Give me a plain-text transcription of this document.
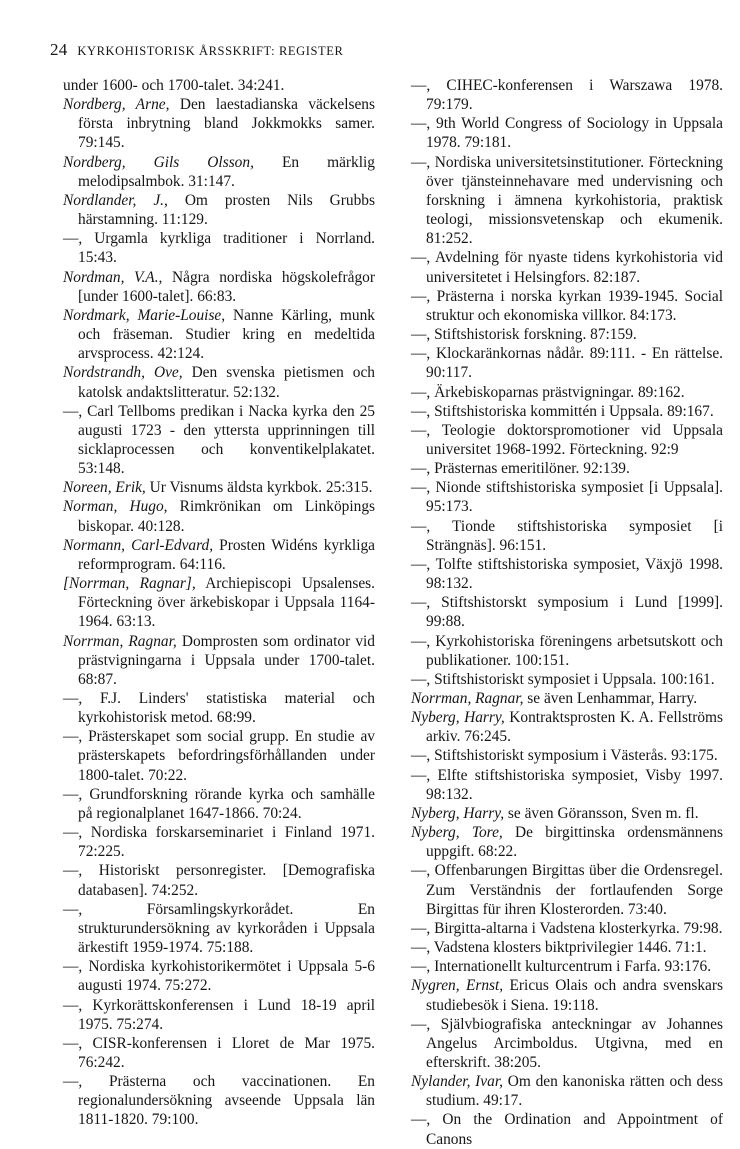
24 KYRKOHISTORISK ÅRSSKRIFT: REGISTER
under 1600- och 1700-talet. 34:241.
Nordberg, Arne, Den laestadianska väckelsens första inbrytning bland Jokkmokks samer. 79:145.
Nordberg, Gils Olsson, En märklig melodipsalmbok. 31:147.
Nordlander, J., Om prosten Nils Grubbs härstamning. 11:129.
—, Urgamla kyrkliga traditioner i Norrland. 15:43.
Nordman, V.A., Några nordiska högskolefrågor [under 1600-talet]. 66:83.
Nordmark, Marie-Louise, Nanne Kärling, munk och fräseman. Studier kring en medeltida arvsprocess. 42:124.
Nordstrandh, Ove, Den svenska pietismen och katolsk andaktslitteratur. 52:132.
—, Carl Tellboms predikan i Nacka kyrka den 25 augusti 1723 - den yttersta upprinningen till sicklaprocessen och konventikelplakatet. 53:148.
Noreen, Erik, Ur Visnums äldsta kyrkbok. 25:315.
Norman, Hugo, Rimkrönikan om Linköpings biskopar. 40:128.
Normann, Carl-Edvard, Prosten Widéns kyrkliga reformprogram. 64:116.
[Norrman, Ragnar], Archiepiscopi Upsalenses. Förteckning över ärkebiskopar i Uppsala 1164-1964. 63:13.
Norrman, Ragnar, Domprosten som ordinator vid prästvigningarna i Uppsala under 1700-talet. 68:87.
—, F.J. Linders' statistiska material och kyrkohistorisk metod. 68:99.
—, Prästerskapet som social grupp. En studie av prästerskapets befordringsförhållanden under 1800-talet. 70:22.
—, Grundforskning rörande kyrka och samhälle på regionalplanet 1647-1866. 70:24.
—, Nordiska forskarseminariet i Finland 1971. 72:225.
—, Historiskt personregister. [Demografiska databasen]. 74:252.
—, Församlingskyrkorådet. En strukturundersökning av kyrkoråden i Uppsala ärkestift 1959-1974. 75:188.
—, Nordiska kyrkohistorikermötet i Uppsala 5-6 augusti 1974. 75:272.
—, Kyrkorättskonferensen i Lund 18-19 april 1975. 75:274.
—, CISR-konferensen i Lloret de Mar 1975. 76:242.
—, Prästerna och vaccinationen. En regionalundersökning avseende Uppsala län 1811-1820. 79:100.
—, CIHEC-konferensen i Warszawa 1978. 79:179.
—, 9th World Congress of Sociology in Uppsala 1978. 79:181.
—, Nordiska universitetsinstitutioner. Förteckning över tjänsteinnehavare med undervisning och forskning i ämnena kyrkohistoria, praktisk teologi, missionsvetenskap och ekumenik. 81:252.
—, Avdelning för nyaste tidens kyrkohistoria vid universitetet i Helsingfors. 82:187.
—, Prästerna i norska kyrkan 1939-1945. Social struktur och ekonomiska villkor. 84:173.
—, Stiftshistorisk forskning. 87:159.
—, Klockaränkornas nådår. 89:111. - En rättelse. 90:117.
—, Ärkebiskoparnas prästvigningar. 89:162.
—, Stiftshistoriska kommittén i Uppsala. 89:167.
—, Teologie doktorspromotioner vid Uppsala universitet 1968-1992. Förteckning. 92:9
—, Prästernas emeritilöner. 92:139.
—, Nionde stiftshistoriska symposiet [i Uppsala]. 95:173.
—, Tionde stiftshistoriska symposiet [i Strängnäs]. 96:151.
—, Tolfte stiftshistoriska symposiet, Växjö 1998. 98:132.
—, Stiftshistorskt symposium i Lund [1999]. 99:88.
—, Kyrkohistoriska föreningens arbetsutskott och publikationer. 100:151.
—, Stiftshistoriskt symposiet i Uppsala. 100:161.
Norrman, Ragnar, se även Lenhammar, Harry.
Nyberg, Harry, Kontraktsprosten K. A. Fellströms arkiv. 76:245.
—, Stiftshistoriskt symposium i Västerås. 93:175.
—, Elfte stiftshistoriska symposiet, Visby 1997. 98:132.
Nyberg, Harry, se även Göransson, Sven m. fl.
Nyberg, Tore, De birgittinska ordensmännens uppgift. 68:22.
—, Offenbarungen Birgittas über die Ordensregel. Zum Verständnis der fortlaufenden Sorge Birgittas für ihren Klosterorden. 73:40.
—, Birgitta-altarna i Vadstena klosterkyrka. 79:98.
—, Vadstena klosters biktprivilegier 1446. 71:1.
—, Internationellt kulturcentrum i Farfa. 93:176.
Nygren, Ernst, Ericus Olais och andra svenskars studiebesök i Siena. 19:118.
—, Självbiografiska anteckningar av Johannes Angelus Arcimboldus. Utgivna, med en efterskrift. 38:205.
Nylander, Ivar, Om den kanoniska rätten och dess studium. 49:17.
—, On the Ordination and Appointment of Canons
